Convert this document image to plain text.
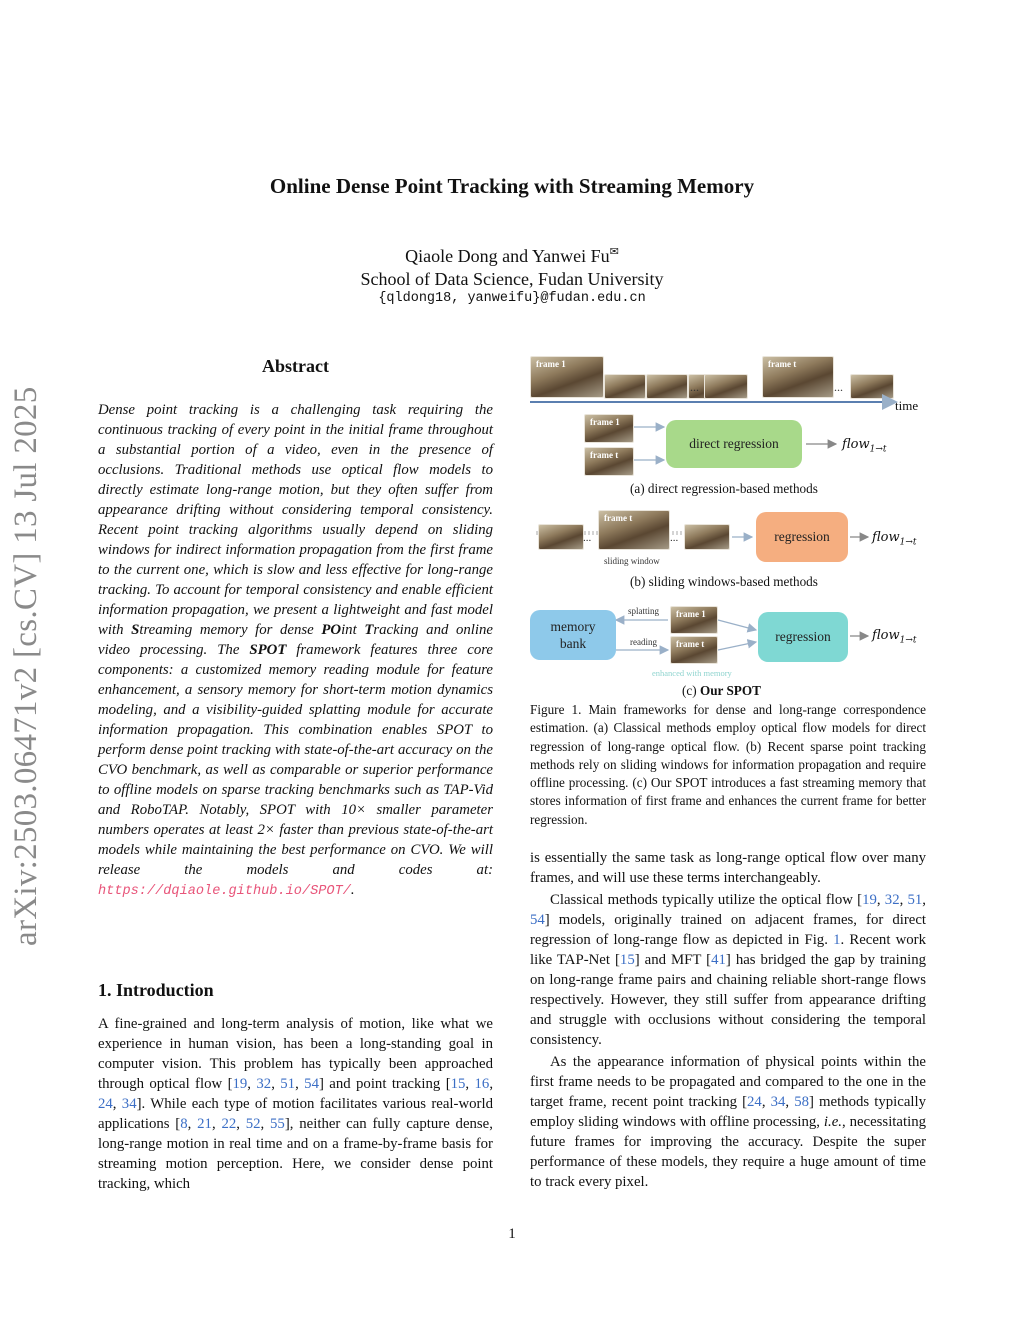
arXiv:2503.06471v2 [cs.CV] 13 Jul 2025
Online Dense Point Tracking with Streaming Memory
Qiaole Dong and Yanwei Fu✉
School of Data Science, Fudan University
{qldong18, yanweifu}@fudan.edu.cn
Abstract

Dense point tracking is a challenging task requiring the continuous tracking of every point in the initial frame throughout a substantial portion of a video, even in the presence of occlusions. Traditional methods use optical flow models to directly estimate long-range motion, but they often suffer from appearance drifting without considering temporal consistency. Recent point tracking algorithms usually depend on sliding windows for indirect information propagation from the first frame to the current one, which is slow and less effective for long-range tracking. To account for temporal consistency and enable efficient information propagation, we present a lightweight and fast model with Streaming memory for dense POint Tracking and online video processing. The SPOT framework features three core components: a customized memory reading module for feature enhancement, a sensory memory for short-term motion dynamics modeling, and a visibility-guided splatting module for accurate information propagation. This combination enables SPOT to perform dense point tracking with state-of-the-art accuracy on the CVO benchmark, as well as comparable or superior performance to offline models on sparse tracking benchmarks such as TAP-Vid and RoboTAP. Notably, SPOT with 10× smaller parameter numbers operates at least 2× faster than previous state-of-the-art models while maintaining the best performance on CVO. We will release the models and codes at: https://dqiaole.github.io/SPOT/.

1. Introduction

A fine-grained and long-term analysis of motion, like what we experience in human vision, has been a long-standing goal in computer vision. This problem has typically been approached through optical flow [19, 32, 51, 54] and point tracking [15, 16, 24, 34]. While each type of motion facilitates various real-world applications [8, 21, 22, 52, 55], neither can fully capture dense, long-range motion in real time and on a frame-by-frame basis for streaming motion perception. Here, we consider dense point tracking, which

frame 1
...
frame t
...
time
frame 1
frame t
direct regression	flow$_{1\to t}$
(a) direct regression-based methods
...
frame t
...
sliding window
regression	flow$_{1\to t}$
(b) sliding windows-based methods
memory
bank
splatting
reading
frame 1
frame t
enhanced with memory
regression	flow$_{1\to t}$
(c) Our SPOT
Figure 1. Main frameworks for dense and long-range correspondence estimation. (a) Classical methods employ optical flow models for direct regression of long-range optical flow. (b) Recent sparse point tracking methods rely on sliding windows for information propagation and require offline processing. (c) Our SPOT introduces a fast streaming memory that stores information of first frame and enhances the current frame for better regression.

is essentially the same task as long-range optical flow over many frames, and will use these terms interchangeably.

Classical methods typically utilize the optical flow [19, 32, 51, 54] models, originally trained on adjacent frames, for direct regression of long-range flow as depicted in Fig. 1. Recent work like TAP-Net [15] and MFT [41] has bridged the gap by training on long-range frame pairs and chaining reliable short-range flows respectively. However, they still suffer from appearance drifting and struggle with occlusions without considering the temporal consistency.

As the appearance information of physical points within the first frame needs to be propagated and compared to the one in the target frame, recent point tracking [24, 34, 58] methods typically employ sliding windows with offline processing, i.e., necessitating future frames for improving the accuracy. Despite the super performance of these models, they require a huge amount of time to track every pixel.

1
